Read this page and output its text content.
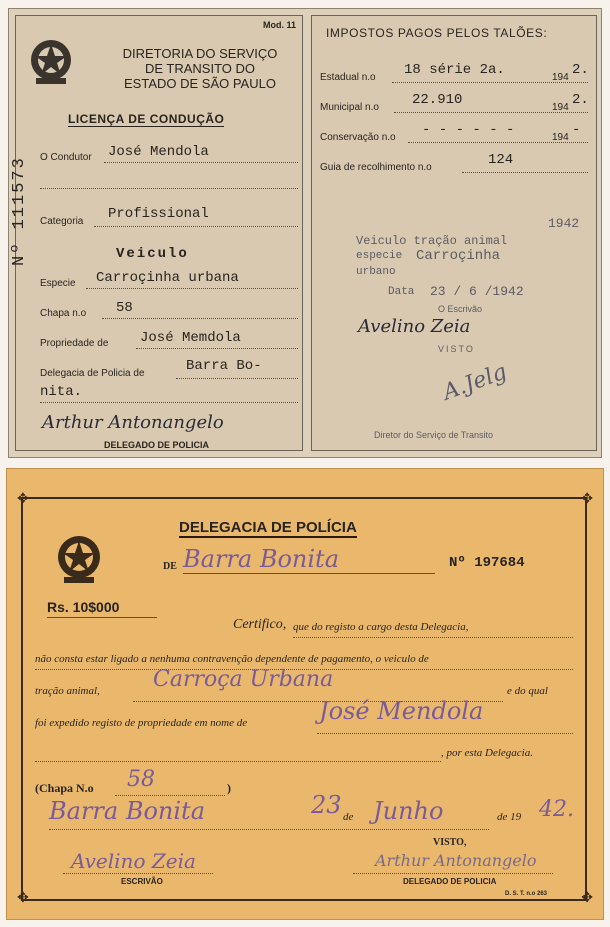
Mod. 11
DIRETORIA DO SERVIÇO
DE TRANSITO DO
ESTADO DE SÃO PAULO
LICENÇA DE CONDUÇÃO
Nº 111573 O Condutor José Mendola
Categoria Profissional
Veiculo
Especie Carroçinha urbana
Chapa n.o 58
Propriedade de José Memdola
Delegacia de Policia de	Barra Bo-
nita.
Arthur Antonangelo
DELEGADO DE POLICIA
IMPOSTOS PAGOS PELOS TALÕES:
Estadual n.o 18 série 2a.	194 2.
Municipal n.o 22.910	194 2.
Conservação n.o - - - - - -	194 -
Guia de recolhimento n.o	124
1942
Veiculo tração animal
especie Carroçinha
urbano
Data 23 / 6 /1942
O Escrivão
Avelino Zeia
VISTO
A.Jelg
Diretor do Serviço de Transito
DELEGACIA DE POLÍCIA
DE Barra Bonita	Nº 197684
Rs. 10$000
Certifico, que do registo a cargo desta Delegacia,
não consta estar ligado a nenhuma contravenção dependente de pagamento, o veiculo de
tração animal, Carroça Urbana	e do qual
foi expedido registo de propriedade em nome de	José Mendola
, por esta Delegacia.
(Chapa N.o 58	)
Barra Bonita	23 de Junho	de 19 42.
VISTO,
Avelino Zeia
ESCRIVÃO
Arthur Antonangelo
DELEGADO DE POLICIA
D. S. T. n.o 263
✥	✥
✥	✥
